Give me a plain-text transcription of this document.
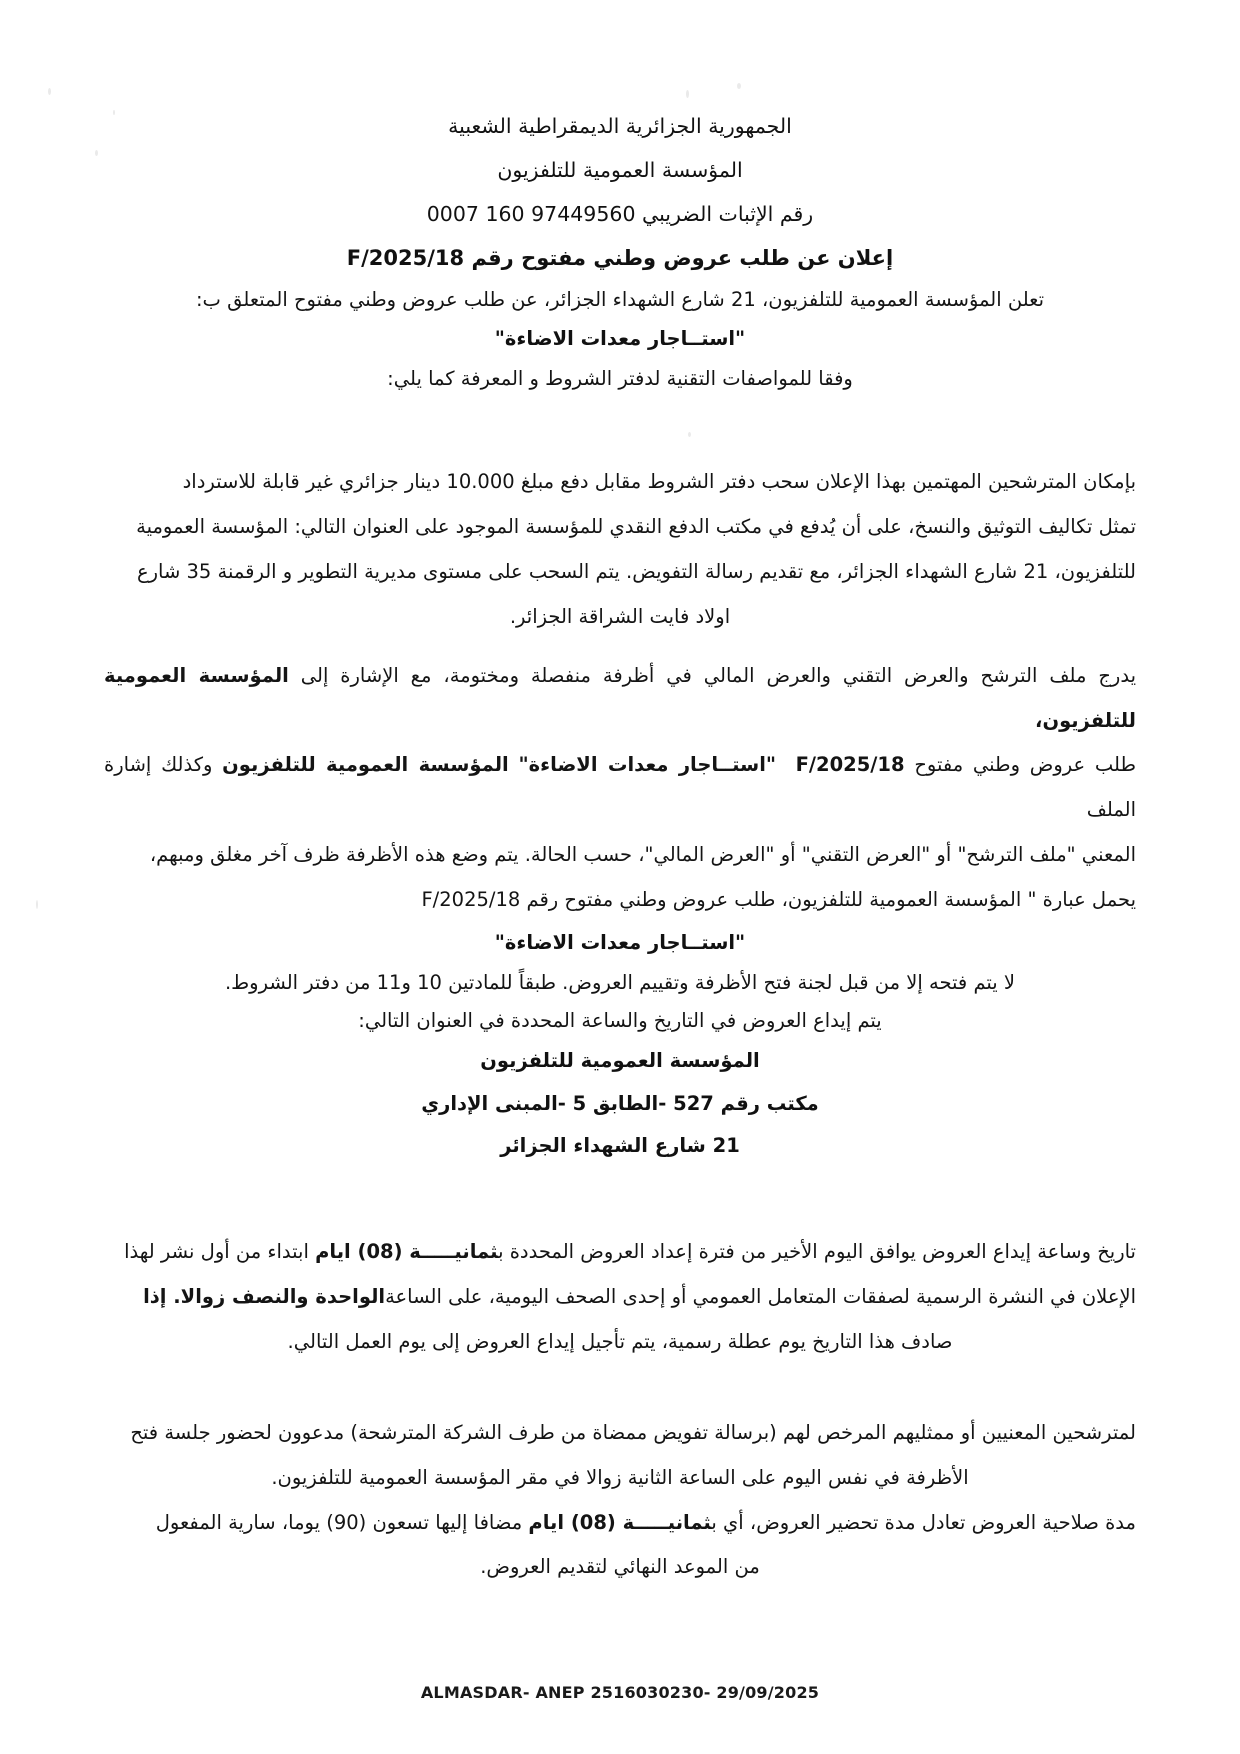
الجمهورية الجزائرية الديمقراطية الشعبية
المؤسسة العمومية للتلفزيون
رقم الإثبات الضريبي 97449560 160 0007
إعلان عن طلب عروض وطني مفتوح رقم 18/F/2025
تعلن المؤسسة العمومية للتلفزيون، 21 شارع الشهداء الجزائر، عن طلب عروض وطني مفتوح المتعلق ب:
"استــاجار معدات الاضاءة"
وفقا للمواصفات التقنية لدفتر الشروط و المعرفة كما يلي:
بإمكان المترشحين المهتمين بهذا الإعلان سحب دفتر الشروط مقابل دفع مبلغ 10.000 دينار جزائري غير قابلة للاسترداد
تمثل تكاليف التوثيق والنسخ، على أن يُدفع في مكتب الدفع النقدي للمؤسسة الموجود على العنوان التالي: المؤسسة العمومية
للتلفزيون، 21 شارع الشهداء الجزائر، مع تقديم رسالة التفويض. يتم السحب على مستوى مديرية التطوير و الرقمنة 35 شارع
اولاد فايت الشراقة الجزائر.
يدرج ملف الترشح والعرض التقني والعرض المالي في أظرفة منفصلة ومختومة، مع الإشارة إلى المؤسسة العمومية للتلفزيون،
طلب عروض وطني مفتوح 18/F/2025  "استــاجار معدات الاضاءة" المؤسسة العمومية للتلفزيون وكذلك إشارة الملف
المعني "ملف الترشح" أو "العرض التقني" أو "العرض المالي"، حسب الحالة. يتم وضع هذه الأظرفة ظرف آخر مغلق ومبهم،
يحمل عبارة " المؤسسة العمومية للتلفزيون، طلب عروض وطني مفتوح رقم F/2025/18
"استــاجار معدات الاضاءة"
لا يتم فتحه إلا من قبل لجنة فتح الأظرفة وتقييم العروض. طبقاً للمادتين 10 و11 من دفتر الشروط.
يتم إيداع العروض في التاريخ والساعة المحددة في العنوان التالي:
المؤسسة العمومية للتلفزيون
مكتب رقم 527 -الطابق 5 -المبنى الإداري
21 شارع الشهداء الجزائر
تاريخ وساعة إيداع العروض يوافق اليوم الأخير من فترة إعداد العروض المحددة بثمانيـــــة (08) ايام ابتداء من أول نشر لهذا
الإعلان في النشرة الرسمية لصفقات المتعامل العمومي أو إحدى الصحف اليومية، على الساعةالواحدة والنصف زوالا. إذا
صادف هذا التاريخ يوم عطلة رسمية، يتم تأجيل إيداع العروض إلى يوم العمل التالي.
لمترشحين المعنيين أو ممثليهم المرخص لهم (برسالة تفويض ممضاة من طرف الشركة المترشحة) مدعوون لحضور جلسة فتح
الأظرفة في نفس اليوم على الساعة الثانية زوالا في مقر المؤسسة العمومية للتلفزيون.
مدة صلاحية العروض تعادل مدة تحضير العروض، أي بثمانيـــــة (08) ايام مضافا إليها تسعون (90) يوما، سارية المفعول
من الموعد النهائي لتقديم العروض.
ALMASDAR- ANEP 2516030230- 29/09/2025
